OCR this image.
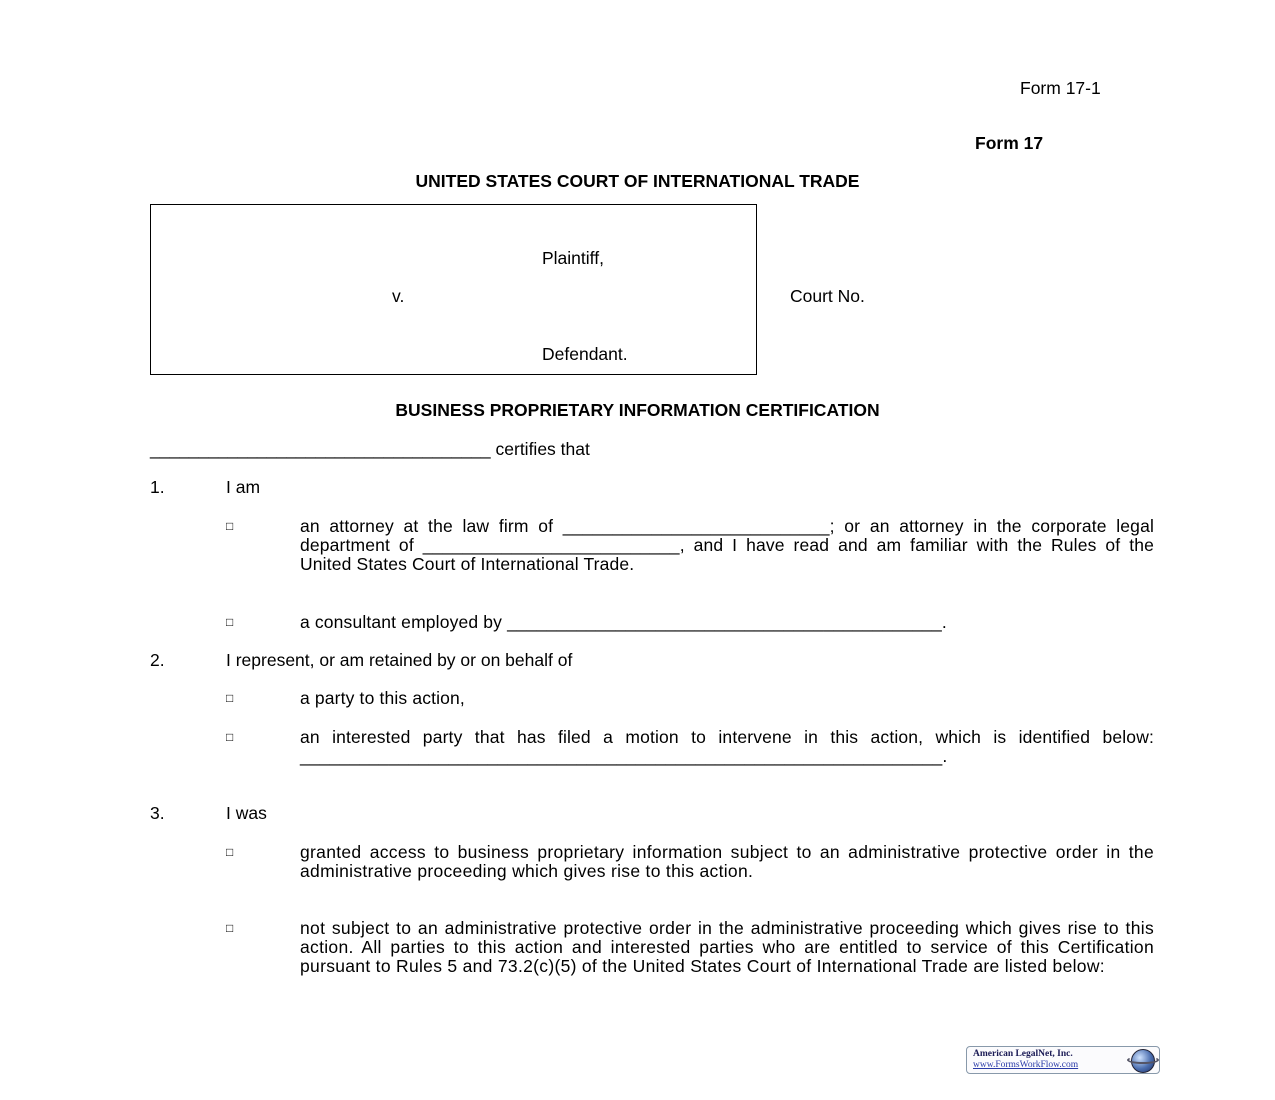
Form 17-1
Form 17
UNITED STATES COURT OF INTERNATIONAL TRADE
Plaintiff,
v.
Defendant.
Court No.
BUSINESS PROPRIETARY INFORMATION CERTIFICATION
___________________________________ certifies that
1.	I am
□	an attorney at the law firm of ___________________________; or an attorney in the corporate legal department of __________________________, and I have read and am familiar with the Rules of the United States Court of International Trade.
□	a consultant employed by ____________________________________________.
2.	I represent, or am retained by or on behalf of
□	a party to this action,
□	an interested party that has filed a motion to intervene in this action, which is identified below: _________________________________________________________________.
3.	I was
□	granted access to business proprietary information subject to an administrative protective order in the administrative proceeding which gives rise to this action.
□	not subject to an administrative protective order in the administrative proceeding which gives rise to this action. All parties to this action and interested parties who are entitled to service of this Certification pursuant to Rules 5 and 73.2(c)(5) of the United States Court of International Trade are listed below:
American LegalNet, Inc.
www.FormsWorkFlow.com
